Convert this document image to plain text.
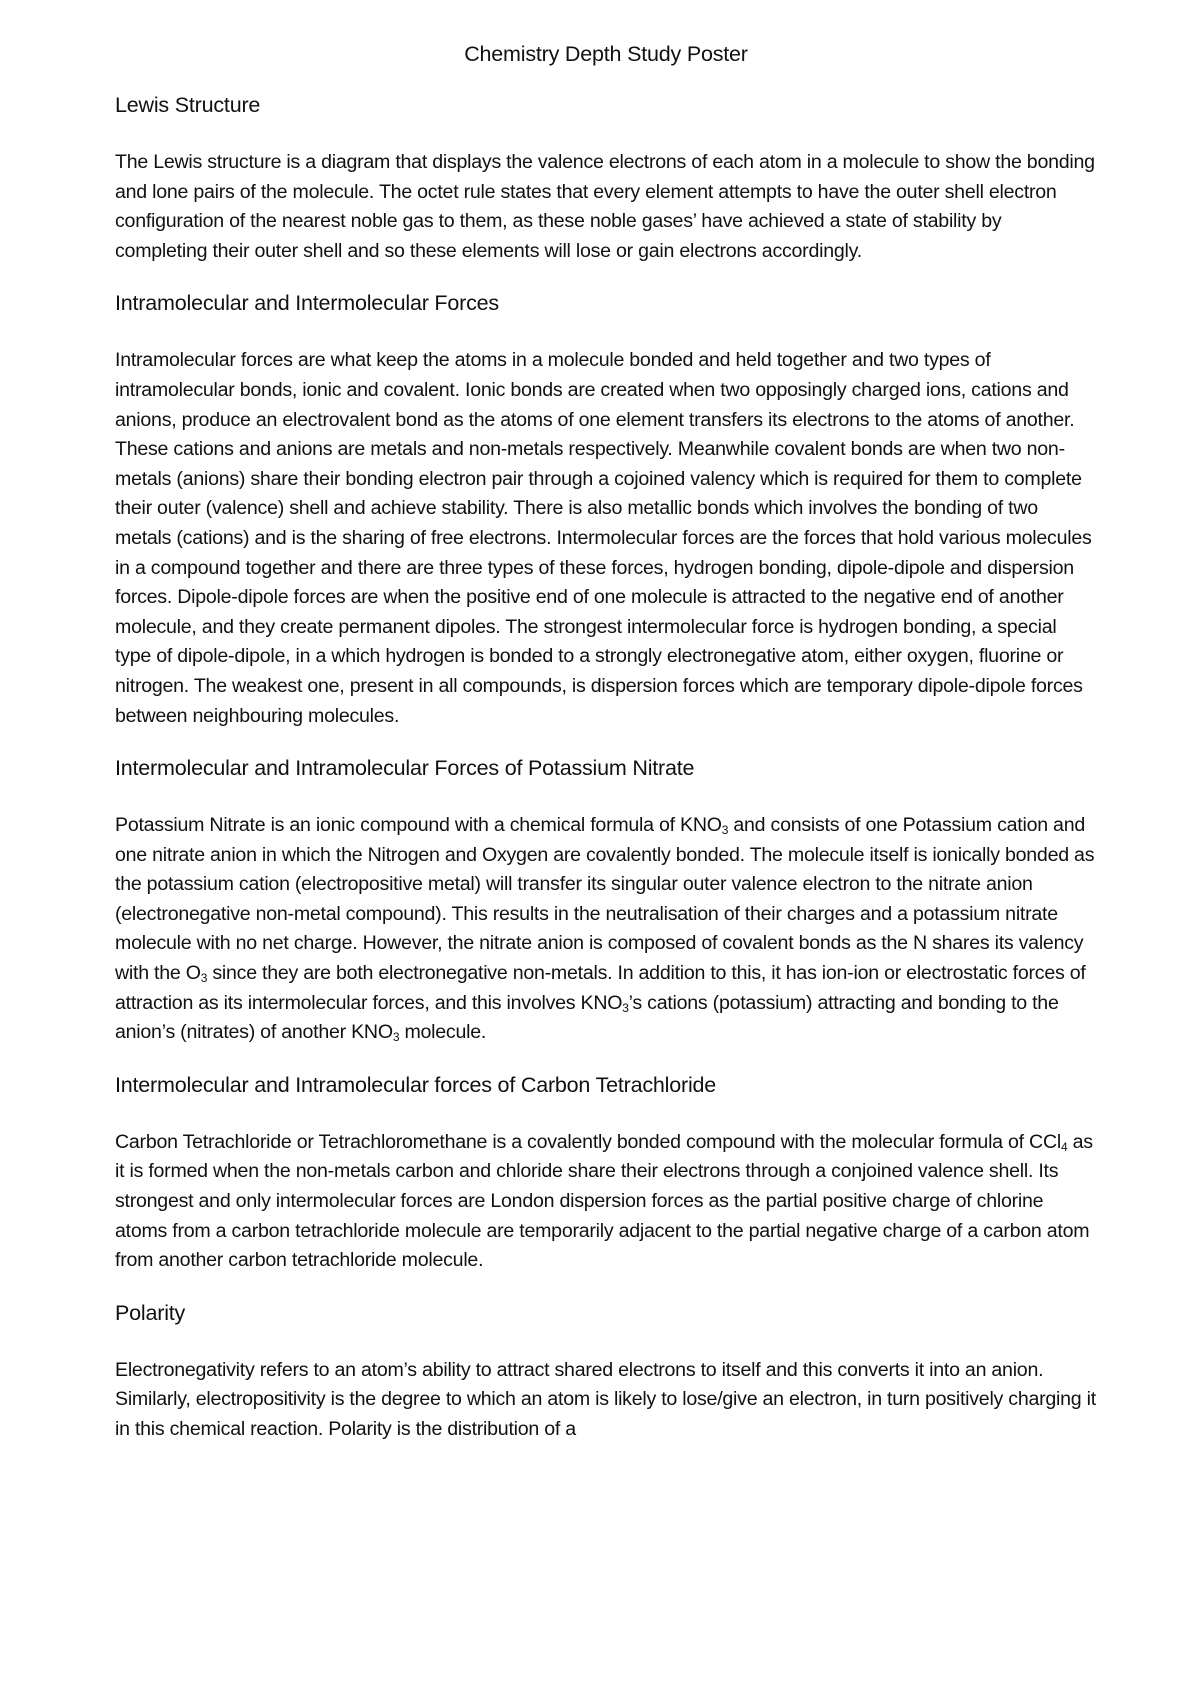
Chemistry Depth Study Poster
Lewis Structure

The Lewis structure is a diagram that displays the valence electrons of each atom in a molecule to show the bonding and lone pairs of the molecule. The octet rule states that every element attempts to have the outer shell electron configuration of the nearest noble gas to them, as these noble gases’ have achieved a state of stability by completing their outer shell and so these elements will lose or gain electrons accordingly.

Intramolecular and Intermolecular Forces

Intramolecular forces are what keep the atoms in a molecule bonded and held together and two types of intramolecular bonds, ionic and covalent. Ionic bonds are created when two opposingly charged ions, cations and anions, produce an electrovalent bond as the atoms of one element transfers its electrons to the atoms of another. These cations and anions are metals and non-metals respectively. Meanwhile covalent bonds are when two non-metals (anions) share their bonding electron pair through a cojoined valency which is required for them to complete their outer (valence) shell and achieve stability. There is also metallic bonds which involves the bonding of two metals (cations) and is the sharing of free electrons. Intermolecular forces are the forces that hold various molecules in a compound together and there are three types of these forces, hydrogen bonding, dipole-dipole and dispersion forces. Dipole-dipole forces are when the positive end of one molecule is attracted to the negative end of another molecule, and they create permanent dipoles. The strongest intermolecular force is hydrogen bonding, a special type of dipole-dipole, in a which hydrogen is bonded to a strongly electronegative atom, either oxygen, fluorine or nitrogen. The weakest one, present in all compounds, is dispersion forces which are temporary dipole-dipole forces between neighbouring molecules.

Intermolecular and Intramolecular Forces of Potassium Nitrate

Potassium Nitrate is an ionic compound with a chemical formula of $KNO_3$ and consists of one Potassium cation and one nitrate anion in which the Nitrogen and Oxygen are covalently bonded. The molecule itself is ionically bonded as the potassium cation (electropositive metal) will transfer its singular outer valence electron to the nitrate anion (electronegative non-metal compound). This results in the neutralisation of their charges and a potassium nitrate molecule with no net charge. However, the nitrate anion is composed of covalent bonds as the N shares its valency with the $O_3$ since they are both electronegative non-metals. In addition to this, it has ion-ion or electrostatic forces of attraction as its intermolecular forces, and this involves $KNO_3’s$ cations (potassium) attracting and bonding to the anion’s (nitrates) of another $KNO_3$ molecule.

Intermolecular and Intramolecular forces of Carbon Tetrachloride

Carbon Tetrachloride or Tetrachloromethane is a covalently bonded compound with the molecular formula of CCl$_4$ as it is formed when the non-metals carbon and chloride share their electrons through a conjoined valence shell. Its strongest and only intermolecular forces are London dispersion forces as the partial positive charge of chlorine atoms from a carbon tetrachloride molecule are temporarily adjacent to the partial negative charge of a carbon atom from another carbon tetrachloride molecule.

Polarity

Electronegativity refers to an atom’s ability to attract shared electrons to itself and this converts it into an anion. Similarly, electropositivity is the degree to which an atom is likely to lose/give an electron, in turn positively charging it in this chemical reaction. Polarity is the distribution of a
